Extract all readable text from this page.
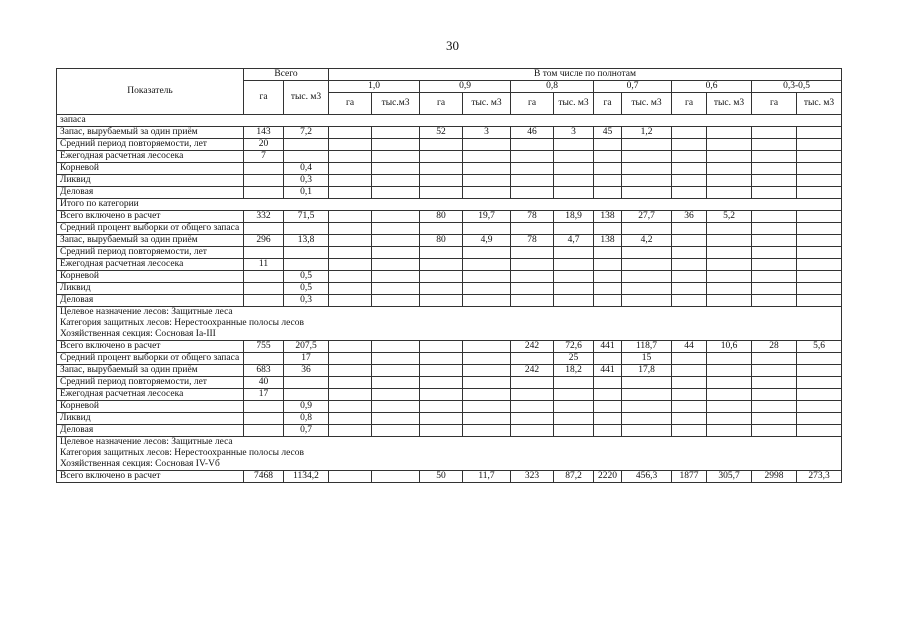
30
Показатель	Всего		В том числе по полнотам											
	га	тыс. м3	1,0		0,9		0,8		0,7		0,6		0,3-0,5	
			га	тыс.м3	га	тыс. м3	га	тыс. м3	га	тыс. м3	га	тыс. м3	га	тыс. м3

запаса														

Запас, вырубаемый за один приём	143	7,2			52	3	46	3	45	1,2				
Средний период повторяемости, лет	20													
Ежегодная расчетная лесосека	7													
Корневой		0,4												
Ликвид		0,3												
Деловая		0,1												

Итого по категории														

Всего включено в расчет	332	71,5			80	19,7	78	18,9	138	27,7	36	5,2		
Средний процент выборки от общего запаса														
Запас, вырубаемый за один приём	296	13,8			80	4,9	78	4,7	138	4,2				
Средний период повторяемости, лет														
Ежегодная расчетная лесосека	11													
Корневой		0,5												
Ликвид		0,5												
Деловая		0,3												

Целевое назначение лесов: Защитные леса
Категория защитных лесов: Нерестоохранные полосы лесов
Хозяйственная секция: Сосновая Ia-III														

Всего включено в расчет	755	207,5					242	72,6	441	118,7	44	10,6	28	5,6
Средний процент выборки от общего запаса		17						25		15				
Запас, вырубаемый за один приём	683	36					242	18,2	441	17,8				
Средний период повторяемости, лет	40													
Ежегодная расчетная лесосека	17													
Корневой		0,9												
Ликвид		0,8												
Деловая		0,7												

Целевое назначение лесов: Защитные леса
Категория защитных лесов: Нерестоохранные полосы лесов
Хозяйственная секция: Сосновая IV-Vб														

Всего включено в расчет	7468	1134,2			50	11,7	323	87,2	2220	456,3	1877	305,7	2998	273,3
